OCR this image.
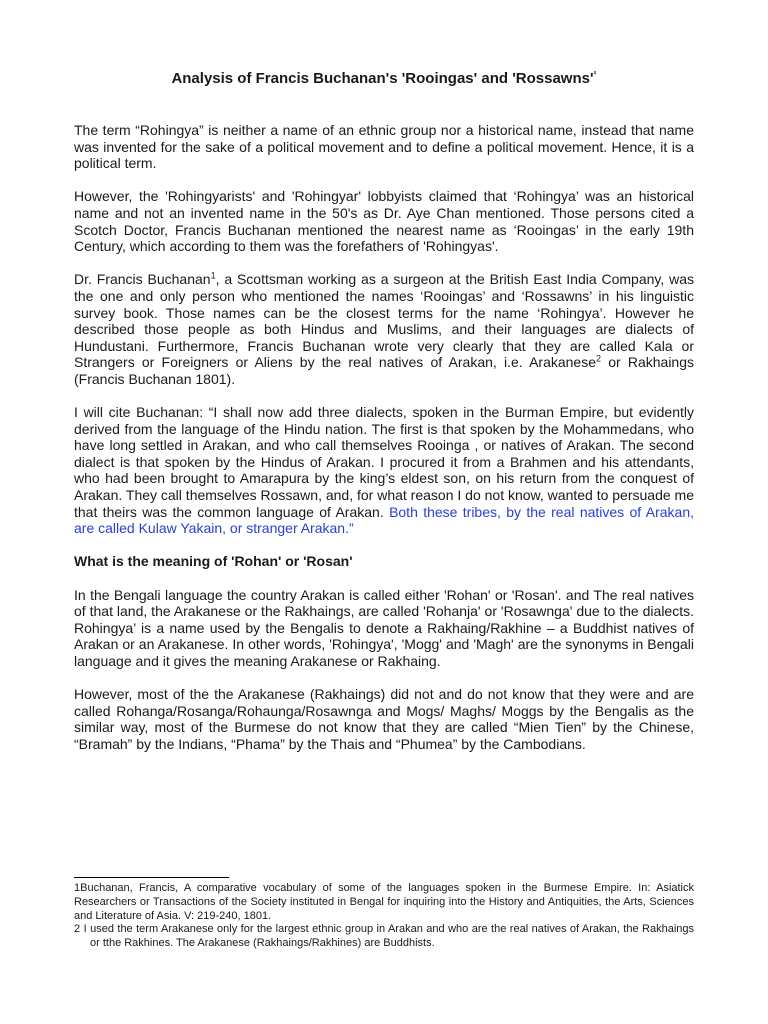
Analysis of Francis Buchanan's 'Rooingas' and '$Rossawns'^{^1}$

The term “Rohingya” is neither a name of an ethnic group nor a historical name, instead that name was invented for the sake of a political movement and to define a political movement. Hence, it is a political term.

However, the 'Rohingyarists' and 'Rohingyar' lobbyists claimed that ‘Rohingya’ was an historical name and not an invented name in the 50's as Dr. Aye Chan mentioned. Those persons cited a Scotch Doctor, Francis Buchanan mentioned the nearest name as ‘Rooingas’ in the early 19th Century, which according to them was the forefathers of 'Rohingyas'.

Dr. Francis Buchanan$^1$, a Scottsman working as a surgeon at the British East India Company, was the one and only person who mentioned the names ‘Rooingas’ and ‘Rossawns’ in his linguistic survey book. Those names can be the closest terms for the name ‘Rohingya’. However he described those people as both Hindus and Muslims, and their languages are dialects of Hundustani. Furthermore, Francis Buchanan wrote very clearly that they are called Kala or Strangers or Foreigners or Aliens by the real natives of Arakan, i.e. Arakanese$^2$ or Rakhaings (Francis Buchanan 1801).

I will cite Buchanan: “I shall now add three dialects, spoken in the Burman Empire, but evidently derived from the language of the Hindu nation. The first is that spoken by the Mohammedans, who have long settled in Arakan, and who call themselves Rooinga , or natives of Arakan. The second dialect is that spoken by the Hindus of Arakan. I procured it from a Brahmen and his attendants, who had been brought to Amarapura by the king’s eldest son, on his return from the conquest of Arakan. They call themselves Rossawn, and, for what reason I do not know, wanted to persuade me that theirs was the common language of Arakan. Both these tribes, by the real natives of Arakan, are called Kulaw Yakain, or stranger Arakan.”

What is the meaning of 'Rohan' or 'Rosan'

In the Bengali language the country Arakan is called either 'Rohan' or 'Rosan'. and The real natives of that land, the Arakanese or the Rakhaings, are called 'Rohanja' or 'Rosawnga' due to the dialects. Rohingya’ is a name used by the Bengalis to denote a Rakhaing/Rakhine – a Buddhist natives of Arakan or an Arakanese. In other words, 'Rohingya', 'Mogg' and 'Magh' are the synonyms in Bengali language and it gives the meaning Arakanese or Rakhaing.

However, most of the the Arakanese (Rakhaings) did not and do not know that they were and are called Rohanga/Rosanga/Rohaunga/Rosawnga and Mogs/ Maghs/ Moggs by the Bengalis as the similar way, most of the Burmese do not know that they are called “Mien Tien” by the Chinese, “Bramah” by the Indians, “Phama” by the Thais and “Phumea” by the Cambodians.

1Buchanan, Francis, A comparative vocabulary of some of the languages spoken in the Burmese Empire. In: Asiatick Researchers or Transactions of the Society instituted in Bengal for inquiring into the History and Antiquities, the Arts, Sciences and Literature of Asia. V: 219-240, 1801.

2 I used the term Arakanese only for the largest ethnic group in Arakan and who are the real natives of Arakan, the Rakhaings or tthe Rakhines. The Arakanese (Rakhaings/Rakhines) are Buddhists.
